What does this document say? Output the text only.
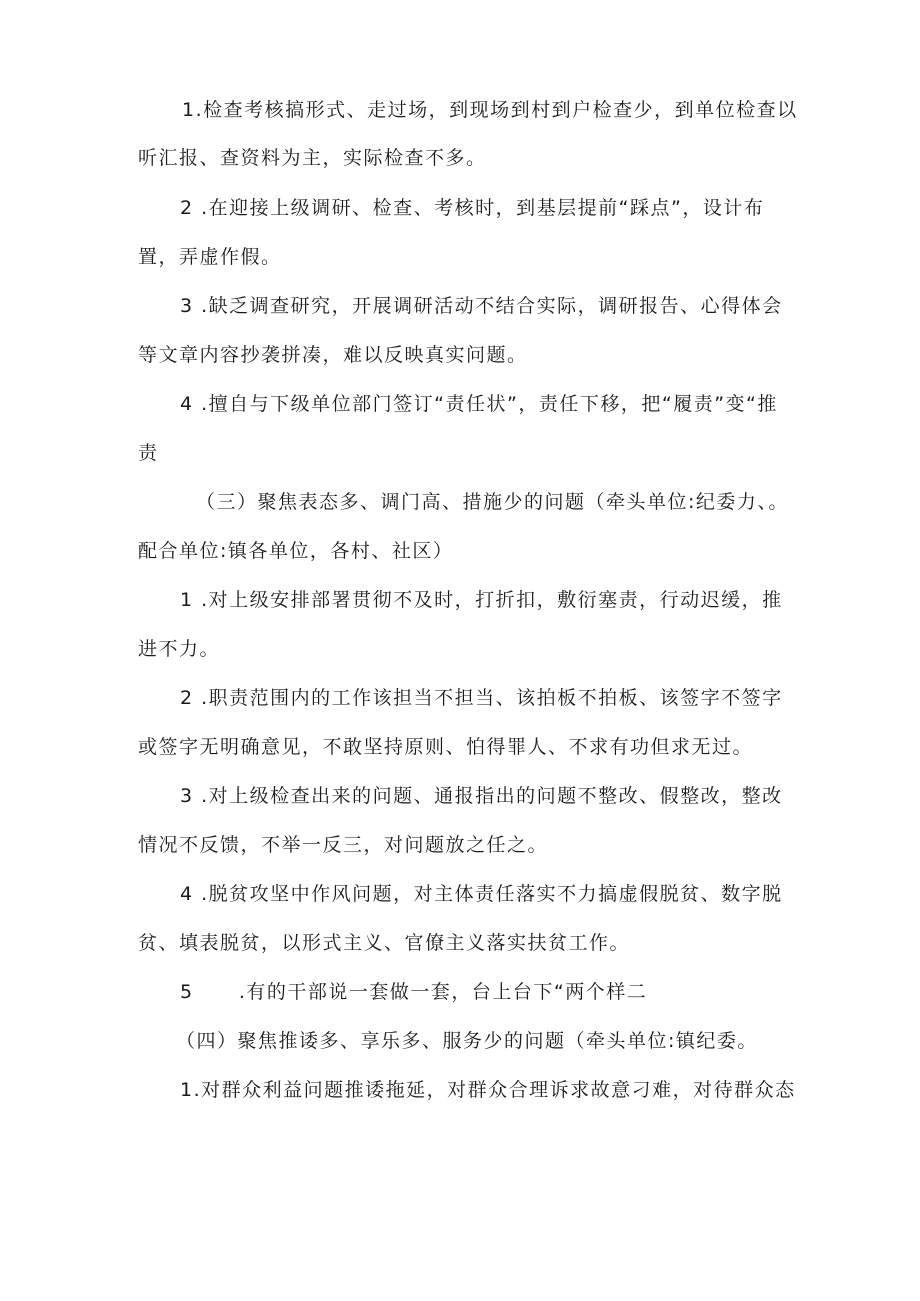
1.检查考核搞形式、走过场，到现场到村到户检查少，到单位检查以
听汇报、查资料为主，实际检查不多。
2 .在迎接上级调研、检查、考核时，到基层提前“踩点”，设计布
置，弄虚作假。
3 .缺乏调查研究，开展调研活动不结合实际，调研报告、心得体会
等文章内容抄袭拼凑，难以反映真实问题。
4 .擅自与下级单位部门签订“责任状”，责任下移，把“履责”变“推
责
（三）聚焦表态多、调门高、措施少的问题（牵头单位:纪委力、。
配合单位:镇各单位，各村、社区）
1 .对上级安排部署贯彻不及时，打折扣，敷衍塞责，行动迟缓，推
进不力。
2 .职责范围内的工作该担当不担当、该拍板不拍板、该签字不签字
或签字无明确意见，不敢坚持原则、怕得罪人、不求有功但求无过。
3 .对上级检查出来的问题、通报指出的问题不整改、假整改，整改
情况不反馈，不举一反三，对问题放之任之。
4 .脱贫攻坚中作风问题，对主体责任落实不力搞虚假脱贫、数字脱
贫、填表脱贫，以形式主义、官僚主义落实扶贫工作。
5      .有的干部说一套做一套，台上台下“两个样二
（四）聚焦推诿多、享乐多、服务少的问题（牵头单位:镇纪委。
1.对群众利益问题推诿拖延，对群众合理诉求故意刁难，对待群众态
